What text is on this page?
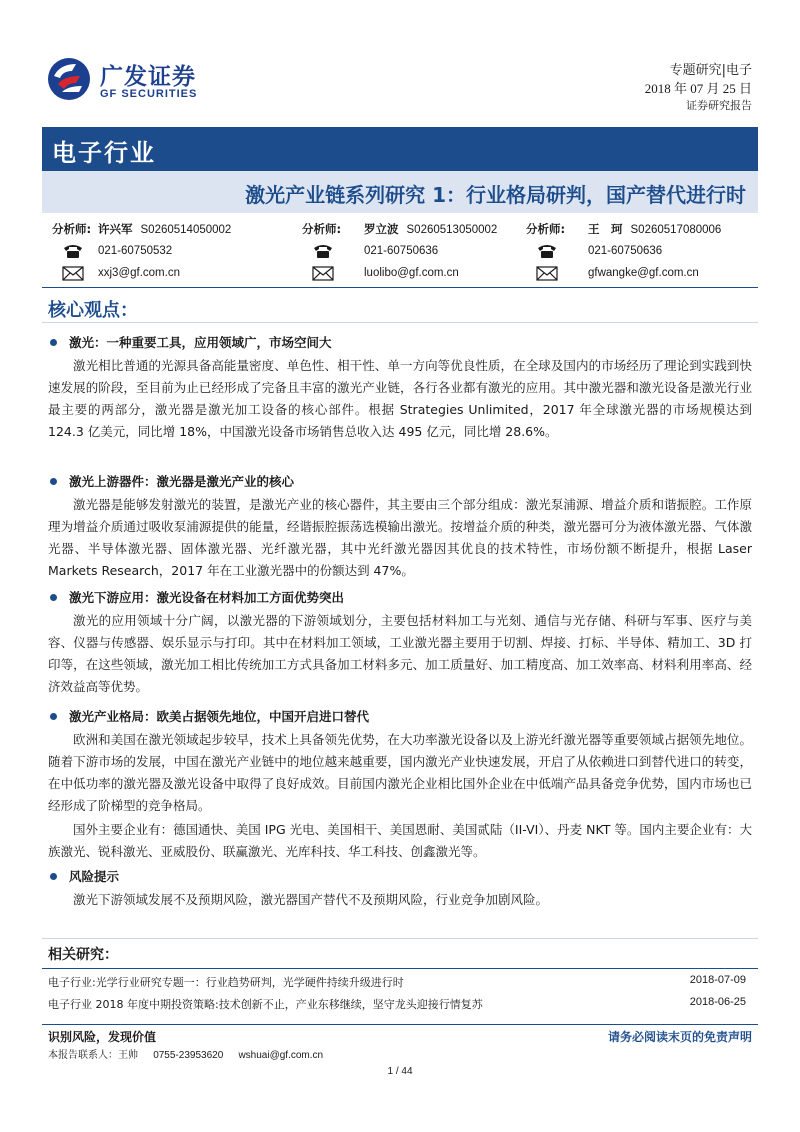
广发证券
GF SECURITIES
专题研究|电子
2018 年 07 月 25 日
证券研究报告
电子行业
激光产业链系列研究 1：行业格局研判，国产替代进行时
分析师: 许兴军 S0260514050002
021-60750532
xxj3@gf.com.cn
分析师: 罗立波 S0260513050002
021-60750636
luolibo@gf.com.cn
分析师: 王　珂 S0260517080006
021-60750636
gfwangke@gf.com.cn
核心观点：
激光：一种重要工具，应用领域广，市场空间大
激光相比普通的光源具备高能量密度、单色性、相干性、单一方向等优良性质，在全球及国内的市场经历了理论到实践到快速发展的阶段，至目前为止已经形成了完备且丰富的激光产业链，各行各业都有激光的应用。其中激光器和激光设备是激光行业最主要的两部分，激光器是激光加工设备的核心部件。根据 Strategies Unlimited，2017 年全球激光器的市场规模达到 124.3 亿美元，同比增 18%，中国激光设备市场销售总收入达 495 亿元，同比增 28.6%。
激光上游器件：激光器是激光产业的核心
激光器是能够发射激光的装置，是激光产业的核心器件，其主要由三个部分组成：激光泵浦源、增益介质和谐振腔。工作原理为增益介质通过吸收泵浦源提供的能量，经谐振腔振荡选模输出激光。按增益介质的种类，激光器可分为液体激光器、气体激光器、半导体激光器、固体激光器、光纤激光器，其中光纤激光器因其优良的技术特性，市场份额不断提升，根据 Laser Markets Research，2017 年在工业激光器中的份额达到 47%。
激光下游应用：激光设备在材料加工方面优势突出
激光的应用领域十分广阔，以激光器的下游领域划分，主要包括材料加工与光刻、通信与光存储、科研与军事、医疗与美容、仪器与传感器、娱乐显示与打印。其中在材料加工领域，工业激光器主要用于切割、焊接、打标、半导体、精加工、3D 打印等，在这些领域，激光加工相比传统加工方式具备加工材料多元、加工质量好、加工精度高、加工效率高、材料利用率高、经济效益高等优势。
激光产业格局：欧美占据领先地位，中国开启进口替代
欧洲和美国在激光领域起步较早，技术上具备领先优势，在大功率激光设备以及上游光纤激光器等重要领域占据领先地位。随着下游市场的发展，中国在激光产业链中的地位越来越重要，国内激光产业快速发展，开启了从依赖进口到替代进口的转变，在中低功率的激光器及激光设备中取得了良好成效。目前国内激光企业相比国外企业在中低端产品具备竞争优势，国内市场也已经形成了阶梯型的竞争格局。
国外主要企业有：德国通快、美国 IPG 光电、美国相干、美国恩耐、美国贰陆（II-VI）、丹麦 NKT 等。国内主要企业有：大族激光、锐科激光、亚威股份、联赢激光、光库科技、华工科技、创鑫激光等。
风险提示
激光下游领域发展不及预期风险，激光器国产替代不及预期风险，行业竞争加剧风险。
相关研究：
电子行业:光学行业研究专题一：行业趋势研判，光学硬件持续升级进行时	2018-07-09
电子行业 2018 年度中期投资策略:技术创新不止，产业东移继续，坚守龙头迎接行情复苏	2018-06-25
识别风险，发现价值	请务必阅读末页的免责声明
本报告联系人：王帅 0755-23953620 wshuai@gf.com.cn
1 / 44
